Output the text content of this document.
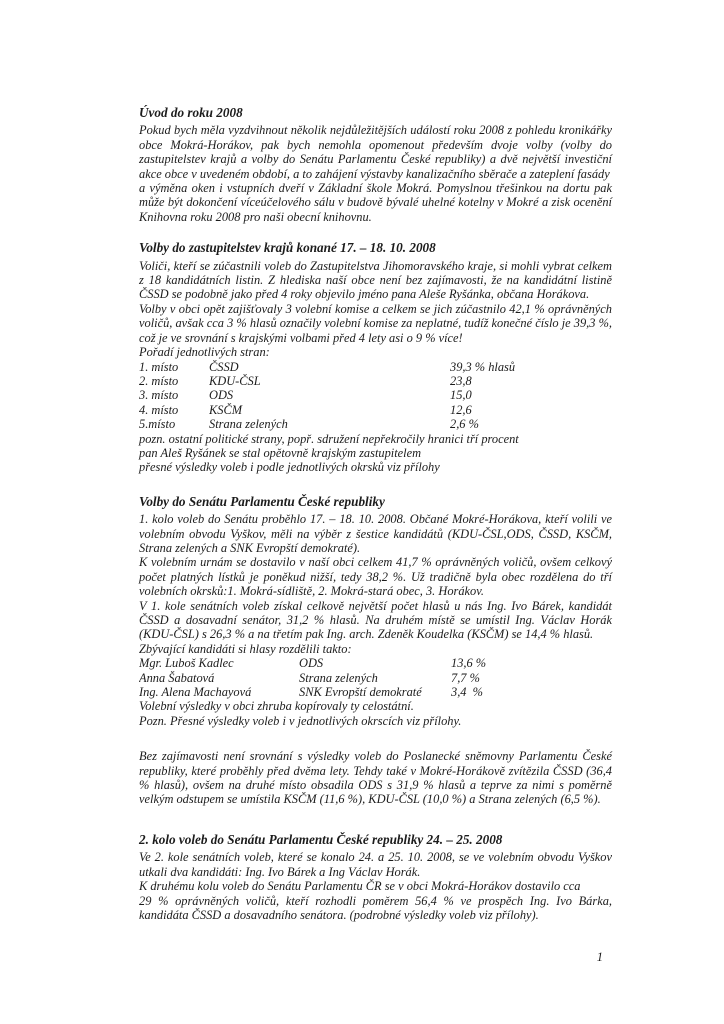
Úvod do roku 2008

Pokud bych měla vyzdvihnout několik nejdůležitějších událostí roku 2008 z pohledu kronikářky obce Mokrá-Horákov, pak bych nemohla opomenout především dvoje volby (volby do zastupitelstev krajů a volby do Senátu Parlamentu České republiky) a dvě největší investiční akce obce v uvedeném období, a to zahájení výstavby kanalizačního sběrače a zateplení fasády

a výměna oken i vstupních dveří v Základní škole Mokrá. Pomyslnou třešinkou na dortu pak může být dokončení víceúčelového sálu v budově bývalé uhelné kotelny v Mokré a zisk ocenění Knihovna roku 2008 pro naši obecní knihovnu.

Volby do zastupitelstev krajů konané 17. – 18. 10. 2008

Voliči, kteří se zúčastnili voleb do Zastupitelstva Jihomoravského kraje, si mohli vybrat celkem z 18 kandidátních listin. Z hlediska naší obce není bez zajímavosti, že na kandidátní listině ČSSD se podobně jako před 4 roky objevilo jméno pana Aleše Ryšánka, občana Horákova.

Volby v obci opět zajišťovaly 3 volební komise a celkem se jich zúčastnilo 42,1 % oprávněných voličů, avšak cca 3 % hlasů označily volební komise za neplatné, tudíž konečné číslo je 39,3 %, což je ve srovnání s krajskými volbami před 4 lety asi o 9 % více!

Pořadí jednotlivých stran:

1. místo	ČSSD	39,3 % hlasů
2. místo	KDU-ČSL	23,8
3. místo	ODS	15,0
4. místo	KSČM	12,6
5.místo	Strana zelených	2,6 %

pozn. ostatní politické strany, popř. sdružení nepřekročily hranici tří procent

pan Aleš Ryšánek se stal opětovně krajským zastupitelem

přesné výsledky voleb i podle jednotlivých okrsků viz přílohy

Volby do Senátu Parlamentu České republiky

1. kolo voleb do Senátu proběhlo 17. – 18. 10. 2008. Občané Mokré-Horákova, kteří volili ve volebním obvodu Vyškov, měli na výběr z šestice kandidátů (KDU-ČSL,ODS, ČSSD, KSČM, Strana zelených a SNK Evropští demokraté).

K volebním urnám se dostavilo v naší obci celkem 41,7 % oprávněných voličů, ovšem celkový počet platných lístků je poněkud nižší, tedy 38,2 %. Už tradičně byla obec rozdělena do tří volebních okrsků:1. Mokrá-sídliště, 2. Mokrá-stará obec, 3. Horákov.

V 1. kole senátních voleb získal celkově největší počet hlasů u nás Ing. Ivo Bárek, kandidát ČSSD a dosavadní senátor, 31,2 % hlasů. Na druhém místě se umístil Ing. Václav Horák (KDU-ČSL) s 26,3 % a na třetím pak Ing. arch. Zdeněk Koudelka (KSČM) se 14,4 % hlasů.

Zbývající kandidáti si hlasy rozdělili takto:

Mgr. Luboš Kadlec	ODS	13,6 %
Anna Šabatová	Strana zelených	7,7 %
Ing. Alena Machayová	SNK Evropští demokraté	3,4  %

Volební výsledky v obci zhruba kopírovaly ty celostátní.

Pozn. Přesné výsledky voleb i v jednotlivých okrscích viz přílohy.

Bez zajímavosti není srovnání s výsledky voleb do Poslanecké sněmovny Parlamentu České republiky, které proběhly před dvěma lety. Tehdy také v Mokré-Horákově zvítězila ČSSD (36,4 % hlasů), ovšem na druhé místo obsadila ODS s 31,9 % hlasů a teprve za nimi s poměrně velkým odstupem se umístila KSČM (11,6 %), KDU-ČSL (10,0 %) a Strana zelených (6,5 %).

2. kolo voleb do Senátu Parlamentu České republiky 24. – 25. 2008

Ve 2. kole senátních voleb, které se konalo 24. a 25. 10. 2008, se ve volebním obvodu Vyškov utkali dva kandidáti: Ing. Ivo Bárek a Ing Václav Horák.

K druhému kolu voleb do Senátu Parlamentu ČR se v obci Mokrá-Horákov dostavilo cca

29 % oprávněných voličů, kteří rozhodli poměrem 56,4 % ve prospěch Ing. Ivo Bárka, kandidáta ČSSD a dosavadního senátora. (podrobné výsledky voleb viz přílohy).

1
